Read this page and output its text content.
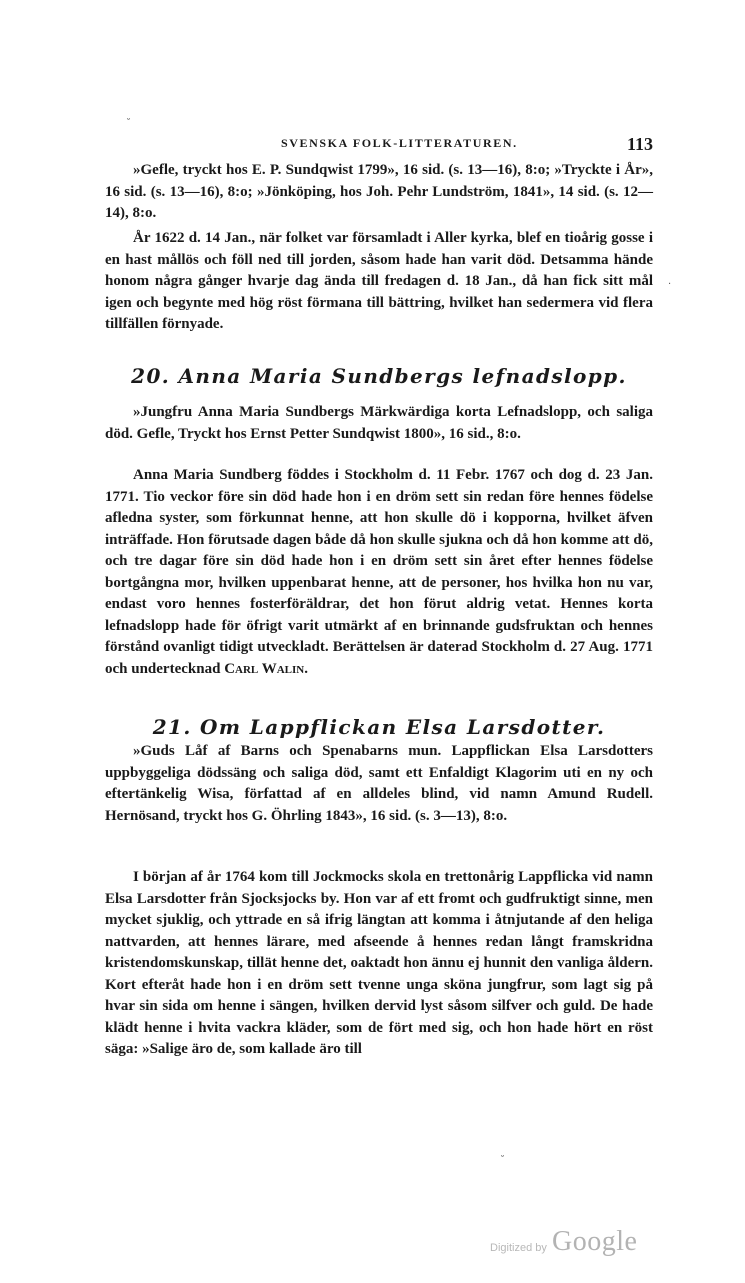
SVENSKA FOLK-LITTERATUREN.	113

»Gefle, tryckt hos E. P. Sundqwist 1799», 16 sid. (s. 13—16), 8:o; »Tryckte i År», 16 sid. (s. 13—16), 8:o; »Jönköping, hos Joh. Pehr Lundström, 1841», 14 sid. (s. 12—14), 8:o.

År 1622 d. 14 Jan., när folket var församladt i Aller kyrka, blef en tioårig gosse i en hast mållös och föll ned till jorden, såsom hade han varit död. Detsamma hände honom några gånger hvarje dag ända till fredagen d. 18 Jan., då han fick sitt mål igen och begynte med hög röst förmana till bättring, hvilket han sedermera vid flera tillfällen förnyade.

20. Anna Maria Sundbergs lefnadslopp.

»Jungfru Anna Maria Sundbergs Märkwärdiga korta Lefnadslopp, och saliga död. Gefle, Tryckt hos Ernst Petter Sundqwist 1800», 16 sid., 8:o.

Anna Maria Sundberg föddes i Stockholm d. 11 Febr. 1767 och dog d. 23 Jan. 1771. Tio veckor före sin död hade hon i en dröm sett sin redan före hennes födelse afledna syster, som förkunnat henne, att hon skulle dö i kopporna, hvilket äfven inträffade. Hon förutsade dagen både då hon skulle sjukna och då hon komme att dö, och tre dagar före sin död hade hon i en dröm sett sin året efter hennes födelse bortgångna mor, hvilken uppenbarat henne, att de personer, hos hvilka hon nu var, endast voro hennes fosterföräldrar, det hon förut aldrig vetat. Hennes korta lefnadslopp hade för öfrigt varit utmärkt af en brinnande gudsfruktan och hennes förstånd ovanligt tidigt utveckladt. Berättelsen är daterad Stockholm d. 27 Aug. 1771 och undertecknad Carl Walin.

21. Om Lappflickan Elsa Larsdotter.

»Guds Låf af Barns och Spenabarns mun. Lappflickan Elsa Larsdotters uppbyggeliga dödssäng och saliga död, samt ett Enfaldigt Klagorim uti en ny och eftertänkelig Wisa, författad af en alldeles blind, vid namn Amund Rudell. Hernösand, tryckt hos G. Öhrling 1843», 16 sid. (s. 3—13), 8:o.

I början af år 1764 kom till Jockmocks skola en trettonårig Lappflicka vid namn Elsa Larsdotter från Sjocksjocks by. Hon var af ett fromt och gudfruktigt sinne, men mycket sjuklig, och yttrade en så ifrig längtan att komma i åtnjutande af den heliga nattvarden, att hennes lärare, med afseende å hennes redan långt framskridna kristendomskunskap, tillät henne det, oaktadt hon ännu ej hunnit den vanliga åldern. Kort efteråt hade hon i en dröm sett tvenne unga sköna jungfrur, som lagt sig på hvar sin sida om henne i sängen, hvilken dervid lyst såsom silfver och guld. De hade klädt henne i hvita vackra kläder, som de fört med sig, och hon hade hört en röst säga: »Salige äro de, som kallade äro till

Digitized by Google
˘
˘
·
